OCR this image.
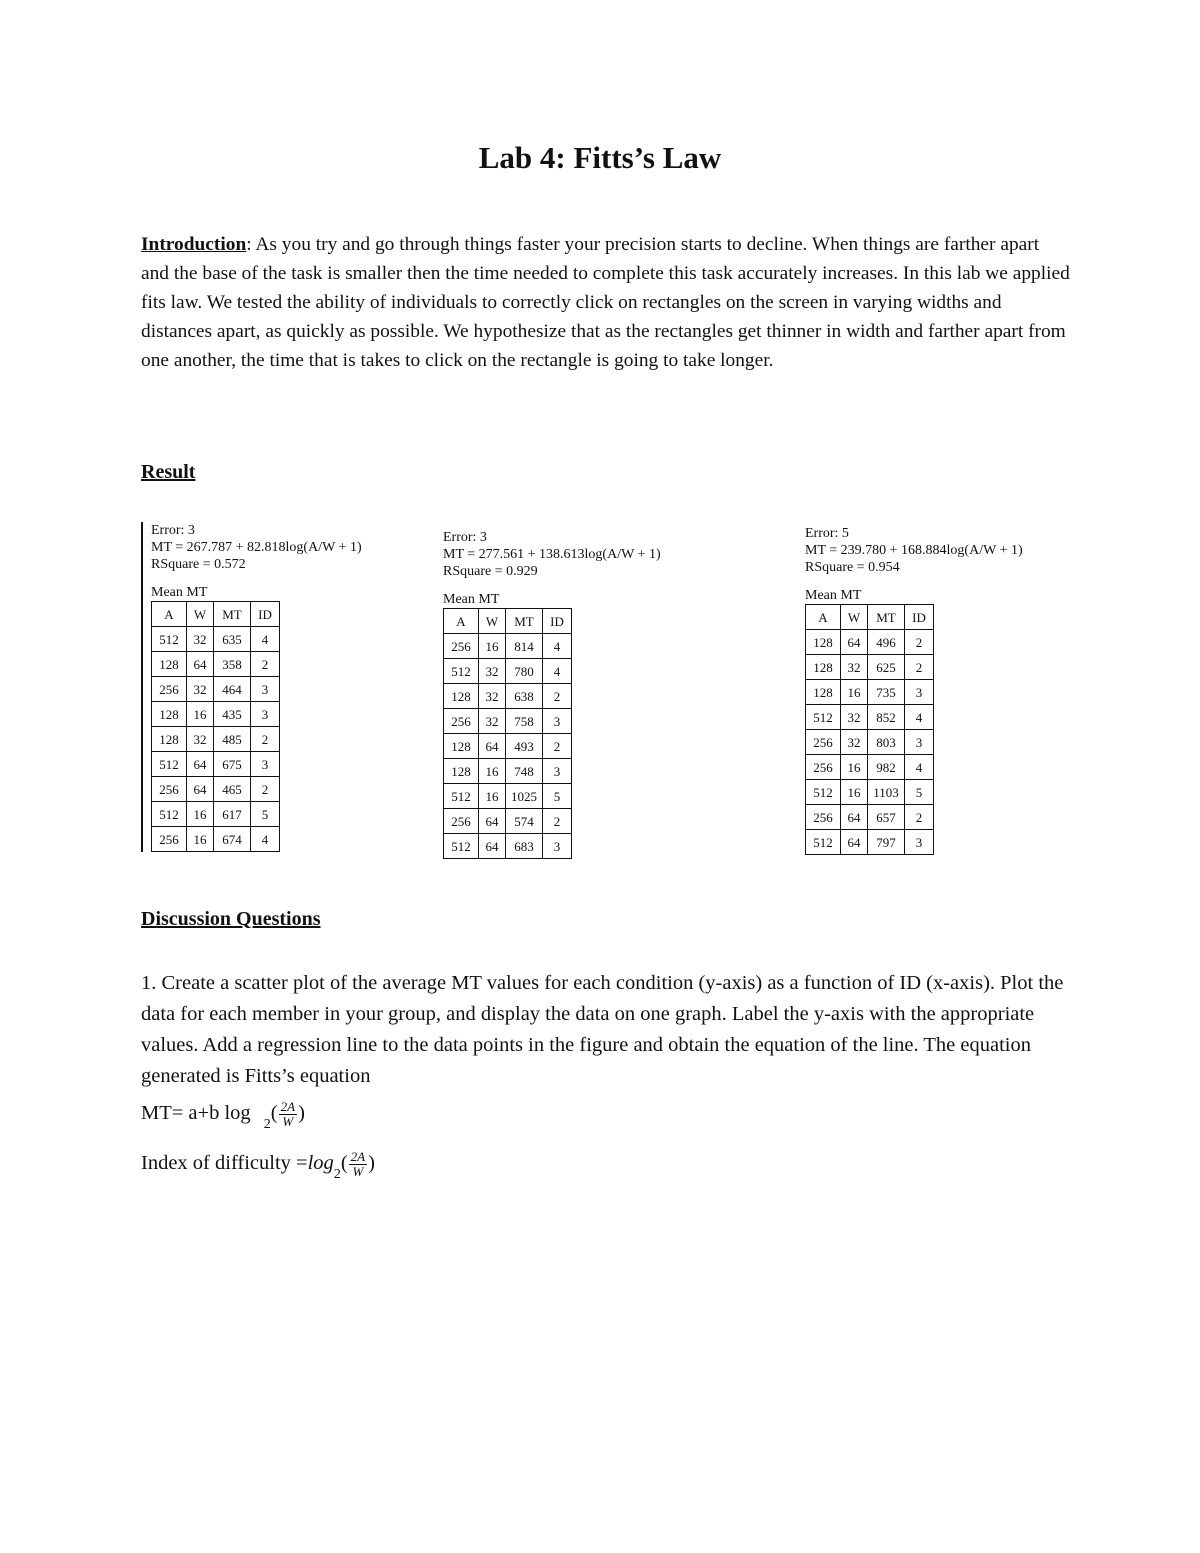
Lab 4: Fitts’s Law
Introduction: As you try and go through things faster your precision starts to decline. When things are farther apart and the base of the task is smaller then the time needed to complete this task accurately increases. In this lab we applied fits law. We tested the ability of individuals to correctly click on rectangles on the screen in varying widths and distances apart, as quickly as possible. We hypothesize that as the rectangles get thinner in width and farther apart from one another, the time that is takes to click on the rectangle is going to take longer.
Result

Error: 3

MT = 267.787 + 82.818log(A/W + 1)

RSquare = 0.572

Mean MT

A	W	MT	ID
512	32	635	4
128	64	358	2
256	32	464	3
128	16	435	3
128	32	485	2
512	64	675	3
256	64	465	2
512	16	617	5
256	16	674	4

Error: 3

MT = 277.561 + 138.613log(A/W + 1)

RSquare = 0.929

Mean MT

A	W	MT	ID
256	16	814	4
512	32	780	4
128	32	638	2
256	32	758	3
128	64	493	2
128	16	748	3
512	16	1025	5
256	64	574	2
512	64	683	3

Error: 5

MT = 239.780 + 168.884log(A/W + 1)

RSquare = 0.954

Mean MT

A	W	MT	ID
128	64	496	2
128	32	625	2
128	16	735	3
512	32	852	4
256	32	803	3
256	16	982	4
512	16	1103	5
256	64	657	2
512	64	797	3
Discussion Questions
1. Create a scatter plot of the average MT values for each condition (y-axis) as a function of ID (x-axis). Plot the data for each member in your group, and display the data on one graph. Label the y-axis with the appropriate values. Add a regression line to the data points in the figure and obtain the equation of the line. The equation generated is Fitts’s equation
MT= a+b $\log _2( \frac{2A}{W}$ )
Index of difficulty $=\log_2( \frac{2A}{W}$ )
